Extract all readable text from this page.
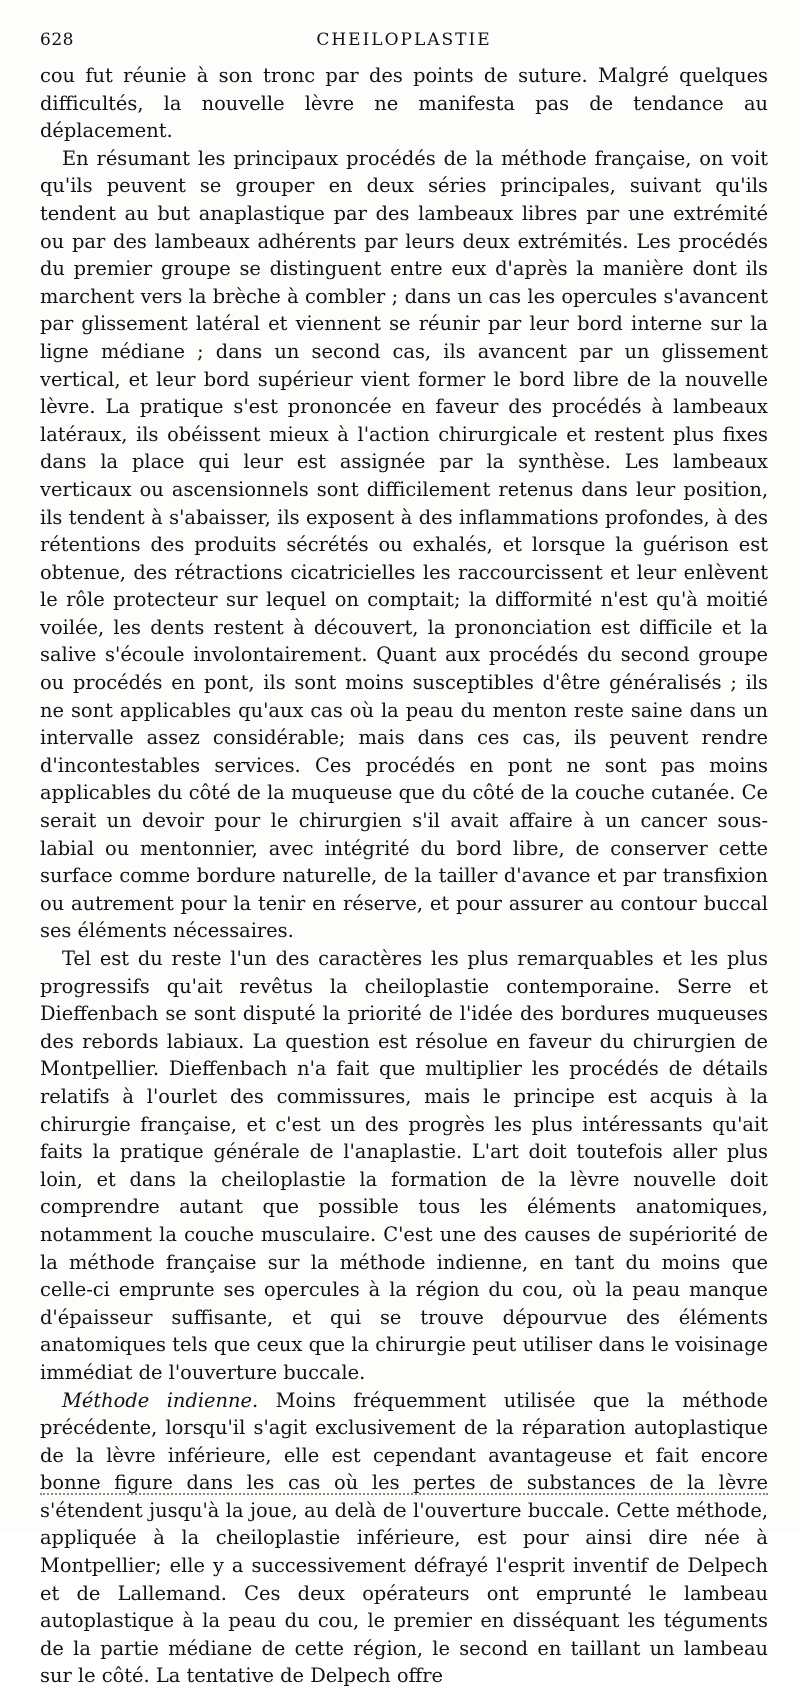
628	CHEILOPLASTIE

cou fut réunie à son tronc par des points de suture. Malgré quelques difficultés, la nouvelle lèvre ne manifesta pas de tendance au déplacement.

En résumant les principaux procédés de la méthode française, on voit qu'ils peuvent se grouper en deux séries principales, suivant qu'ils tendent au but anaplastique par des lambeaux libres par une extrémité ou par des lambeaux adhérents par leurs deux extrémités. Les procédés du premier groupe se distinguent entre eux d'après la manière dont ils marchent vers la brèche à combler ; dans un cas les opercules s'avancent par glissement latéral et viennent se réunir par leur bord interne sur la ligne médiane ; dans un second cas, ils avancent par un glissement vertical, et leur bord supérieur vient former le bord libre de la nouvelle lèvre. La pratique s'est prononcée en faveur des procédés à lambeaux latéraux, ils obéissent mieux à l'action chirurgicale et restent plus fixes dans la place qui leur est assignée par la synthèse. Les lambeaux verticaux ou ascensionnels sont difficilement retenus dans leur position, ils tendent à s'abaisser, ils exposent à des inflammations profondes, à des rétentions des produits sécrétés ou exhalés, et lorsque la guérison est obtenue, des rétractions cicatricielles les raccourcissent et leur enlèvent le rôle protecteur sur lequel on comptait; la difformité n'est qu'à moitié voilée, les dents restent à découvert, la prononciation est difficile et la salive s'écoule involontairement. Quant aux procédés du second groupe ou procédés en pont, ils sont moins susceptibles d'être généralisés ; ils ne sont applicables qu'aux cas où la peau du menton reste saine dans un intervalle assez considérable; mais dans ces cas, ils peuvent rendre d'incontestables services. Ces procédés en pont ne sont pas moins applicables du côté de la muqueuse que du côté de la couche cutanée. Ce serait un devoir pour le chirurgien s'il avait affaire à un cancer sous-labial ou mentonnier, avec intégrité du bord libre, de conserver cette surface comme bordure naturelle, de la tailler d'avance et par transfixion ou autrement pour la tenir en réserve, et pour assurer au contour buccal ses éléments nécessaires.

Tel est du reste l'un des caractères les plus remarquables et les plus progressifs qu'ait revêtus la cheiloplastie contemporaine. Serre et Dieffenbach se sont disputé la priorité de l'idée des bordures muqueuses des rebords labiaux. La question est résolue en faveur du chirurgien de Montpellier. Dieffenbach n'a fait que multiplier les procédés de détails relatifs à l'ourlet des commissures, mais le principe est acquis à la chirurgie française, et c'est un des progrès les plus intéressants qu'ait faits la pratique générale de l'anaplastie. L'art doit toutefois aller plus loin, et dans la cheiloplastie la formation de la lèvre nouvelle doit comprendre autant que possible tous les éléments anatomiques, notamment la couche musculaire. C'est une des causes de supériorité de la méthode française sur la méthode indienne, en tant du moins que celle-ci emprunte ses opercules à la région du cou, où la peau manque d'épaisseur suffisante, et qui se trouve dépourvue des éléments anatomiques tels que ceux que la chirurgie peut utiliser dans le voisinage immédiat de l'ouverture buccale.

Méthode indienne. Moins fréquemment utilisée que la méthode précédente, lorsqu'il s'agit exclusivement de la réparation autoplastique de la lèvre inférieure, elle est cependant avantageuse et fait encore bonne figure dans les cas où les pertes de substances de la lèvre s'étendent jusqu'à la joue, au delà de l'ouverture buccale. Cette méthode, appliquée à la cheiloplastie inférieure, est pour ainsi dire née à Montpellier; elle y a successivement défrayé l'esprit inventif de Delpech et de Lallemand. Ces deux opérateurs ont emprunté le lambeau autoplastique à la peau du cou, le premier en disséquant les téguments de la partie médiane de cette région, le second en taillant un lambeau sur le côté. La tentative de Delpech offre
